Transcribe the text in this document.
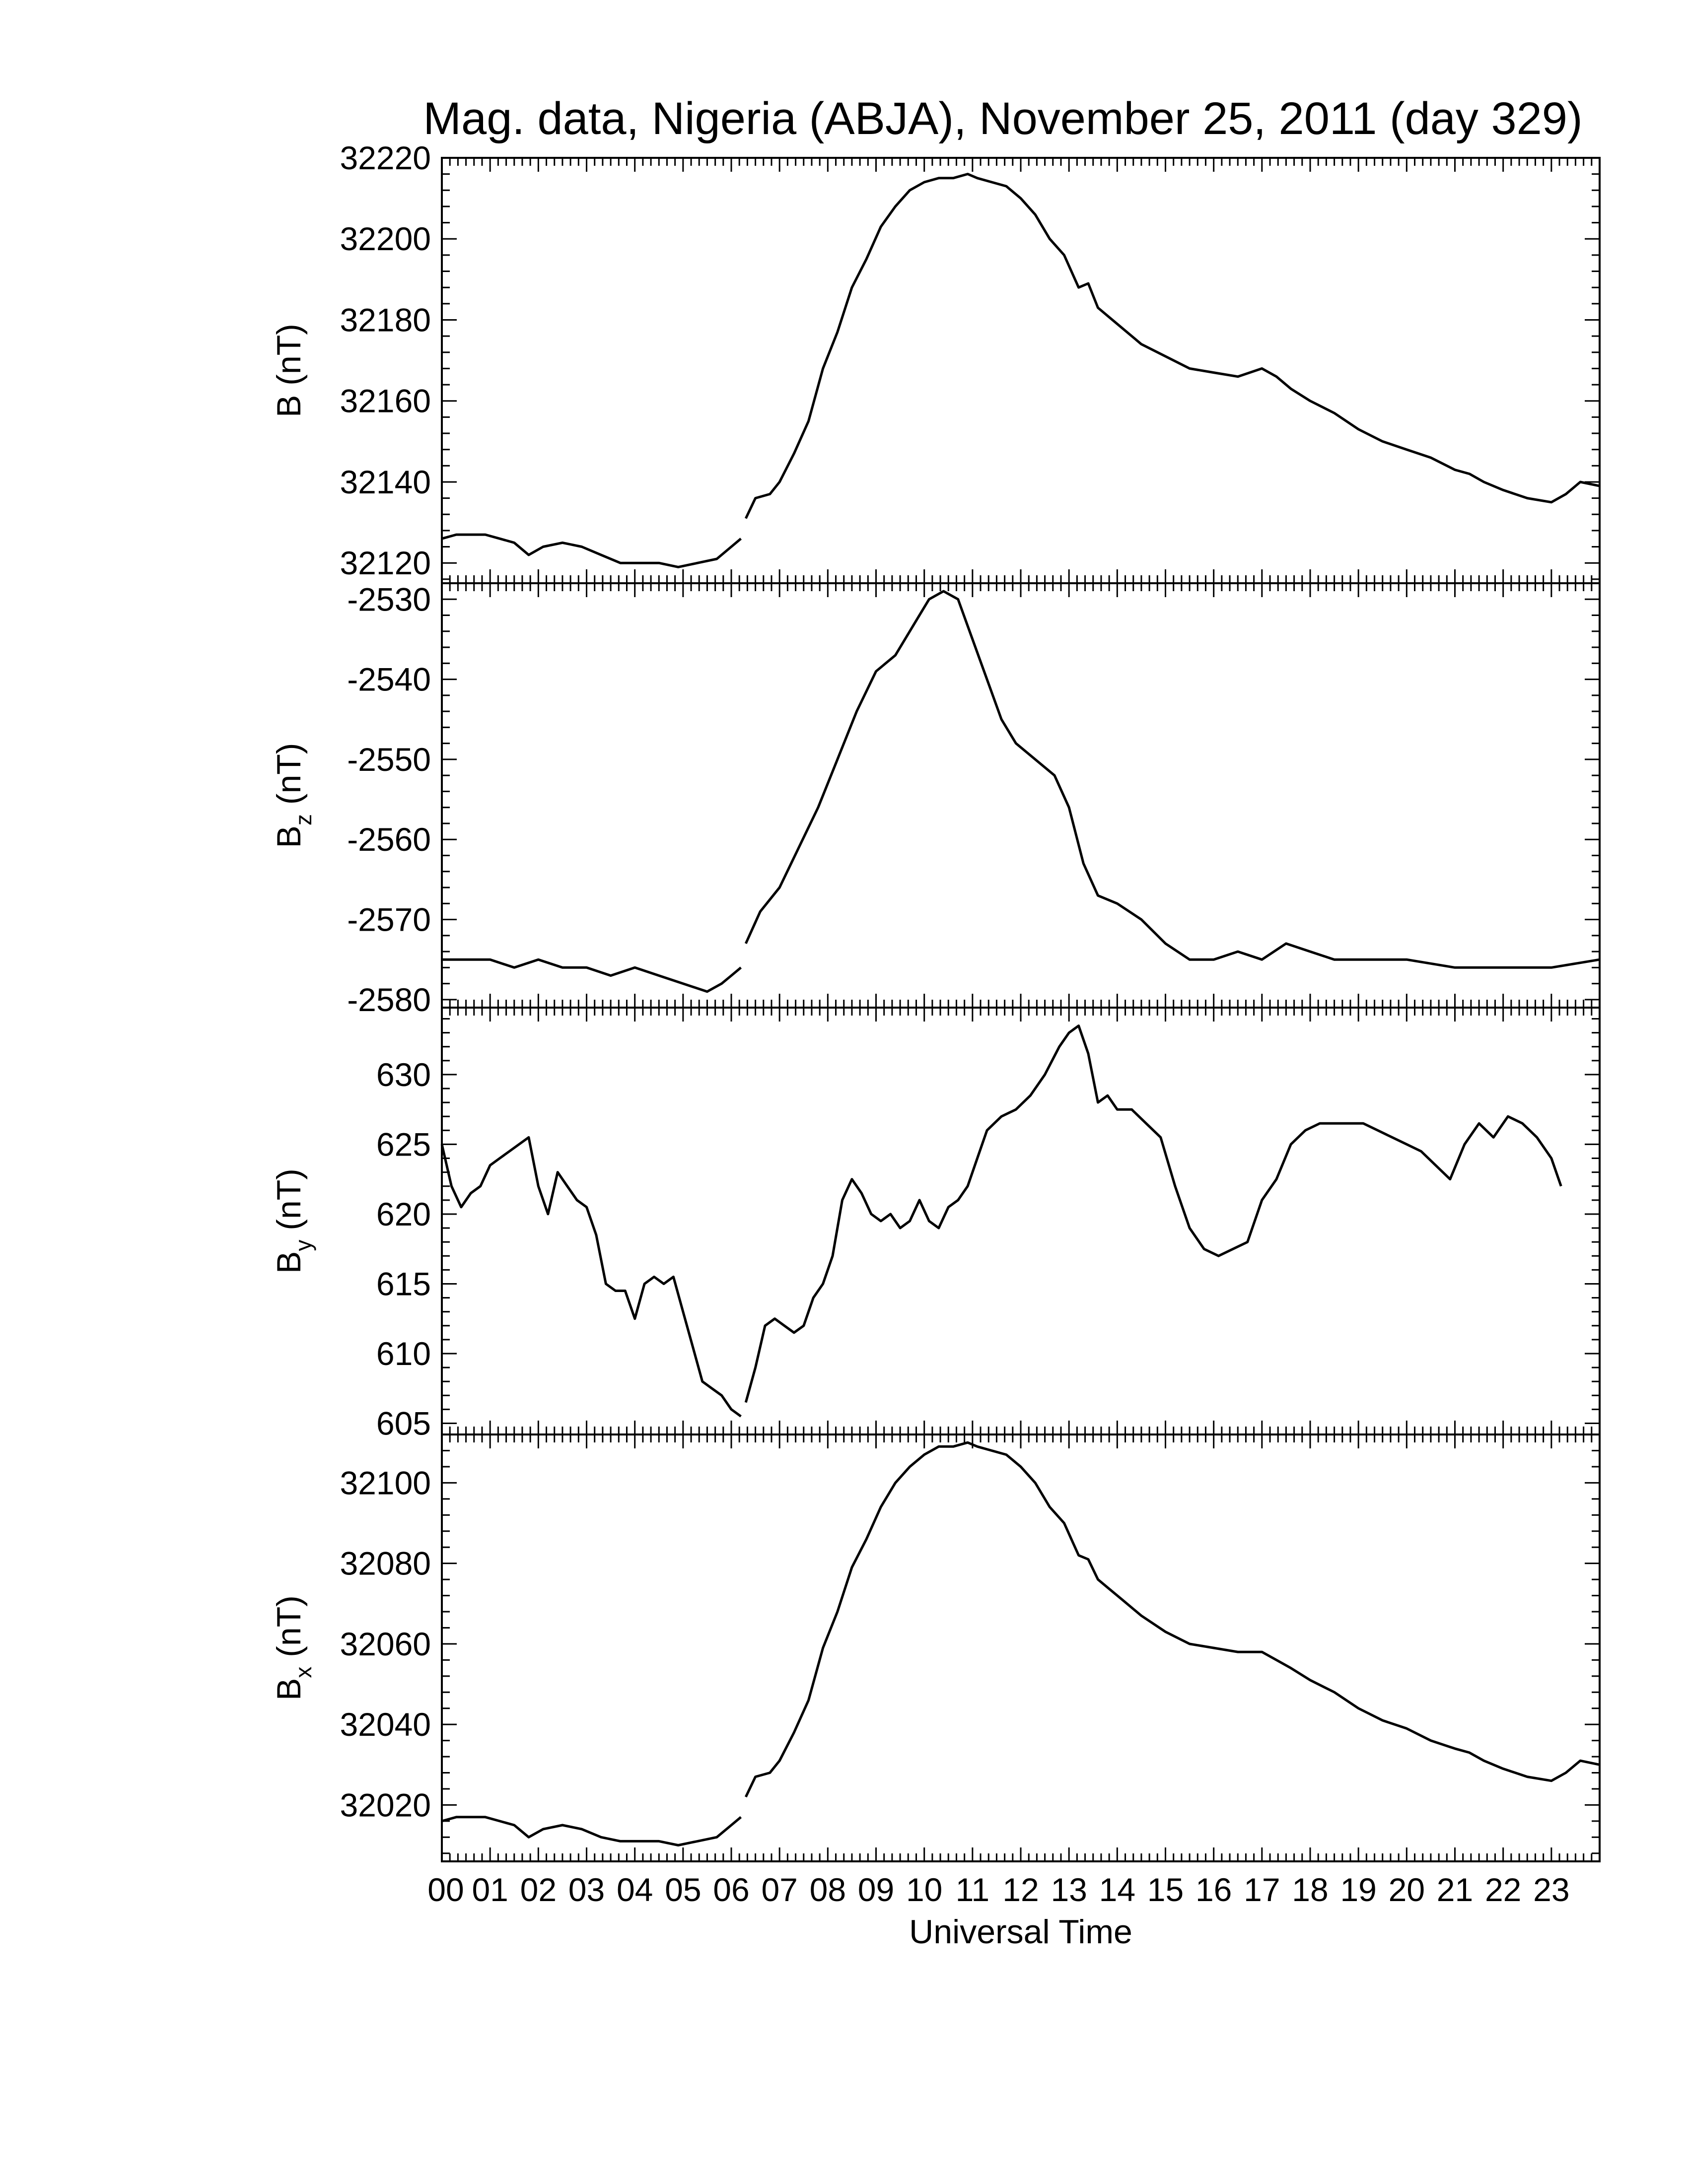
Mag. data, Nigeria (ABJA), November 25, 2011 (day 329)
32120
32140
32160
32180
32200
32220
B (nT)
-2580
-2570
-2560
-2550
-2540
-2530
$B_z$ (nT)
605
610
615
620
625
630
$B_y$ (nT)
32020
32040
32060
32080
32100
$B_x$ (nT)
00 01 02 03 04 05 06 07 08 09 10 11 12 13 14 15 16 17 18 19 20 21 22 23
Universal Time
